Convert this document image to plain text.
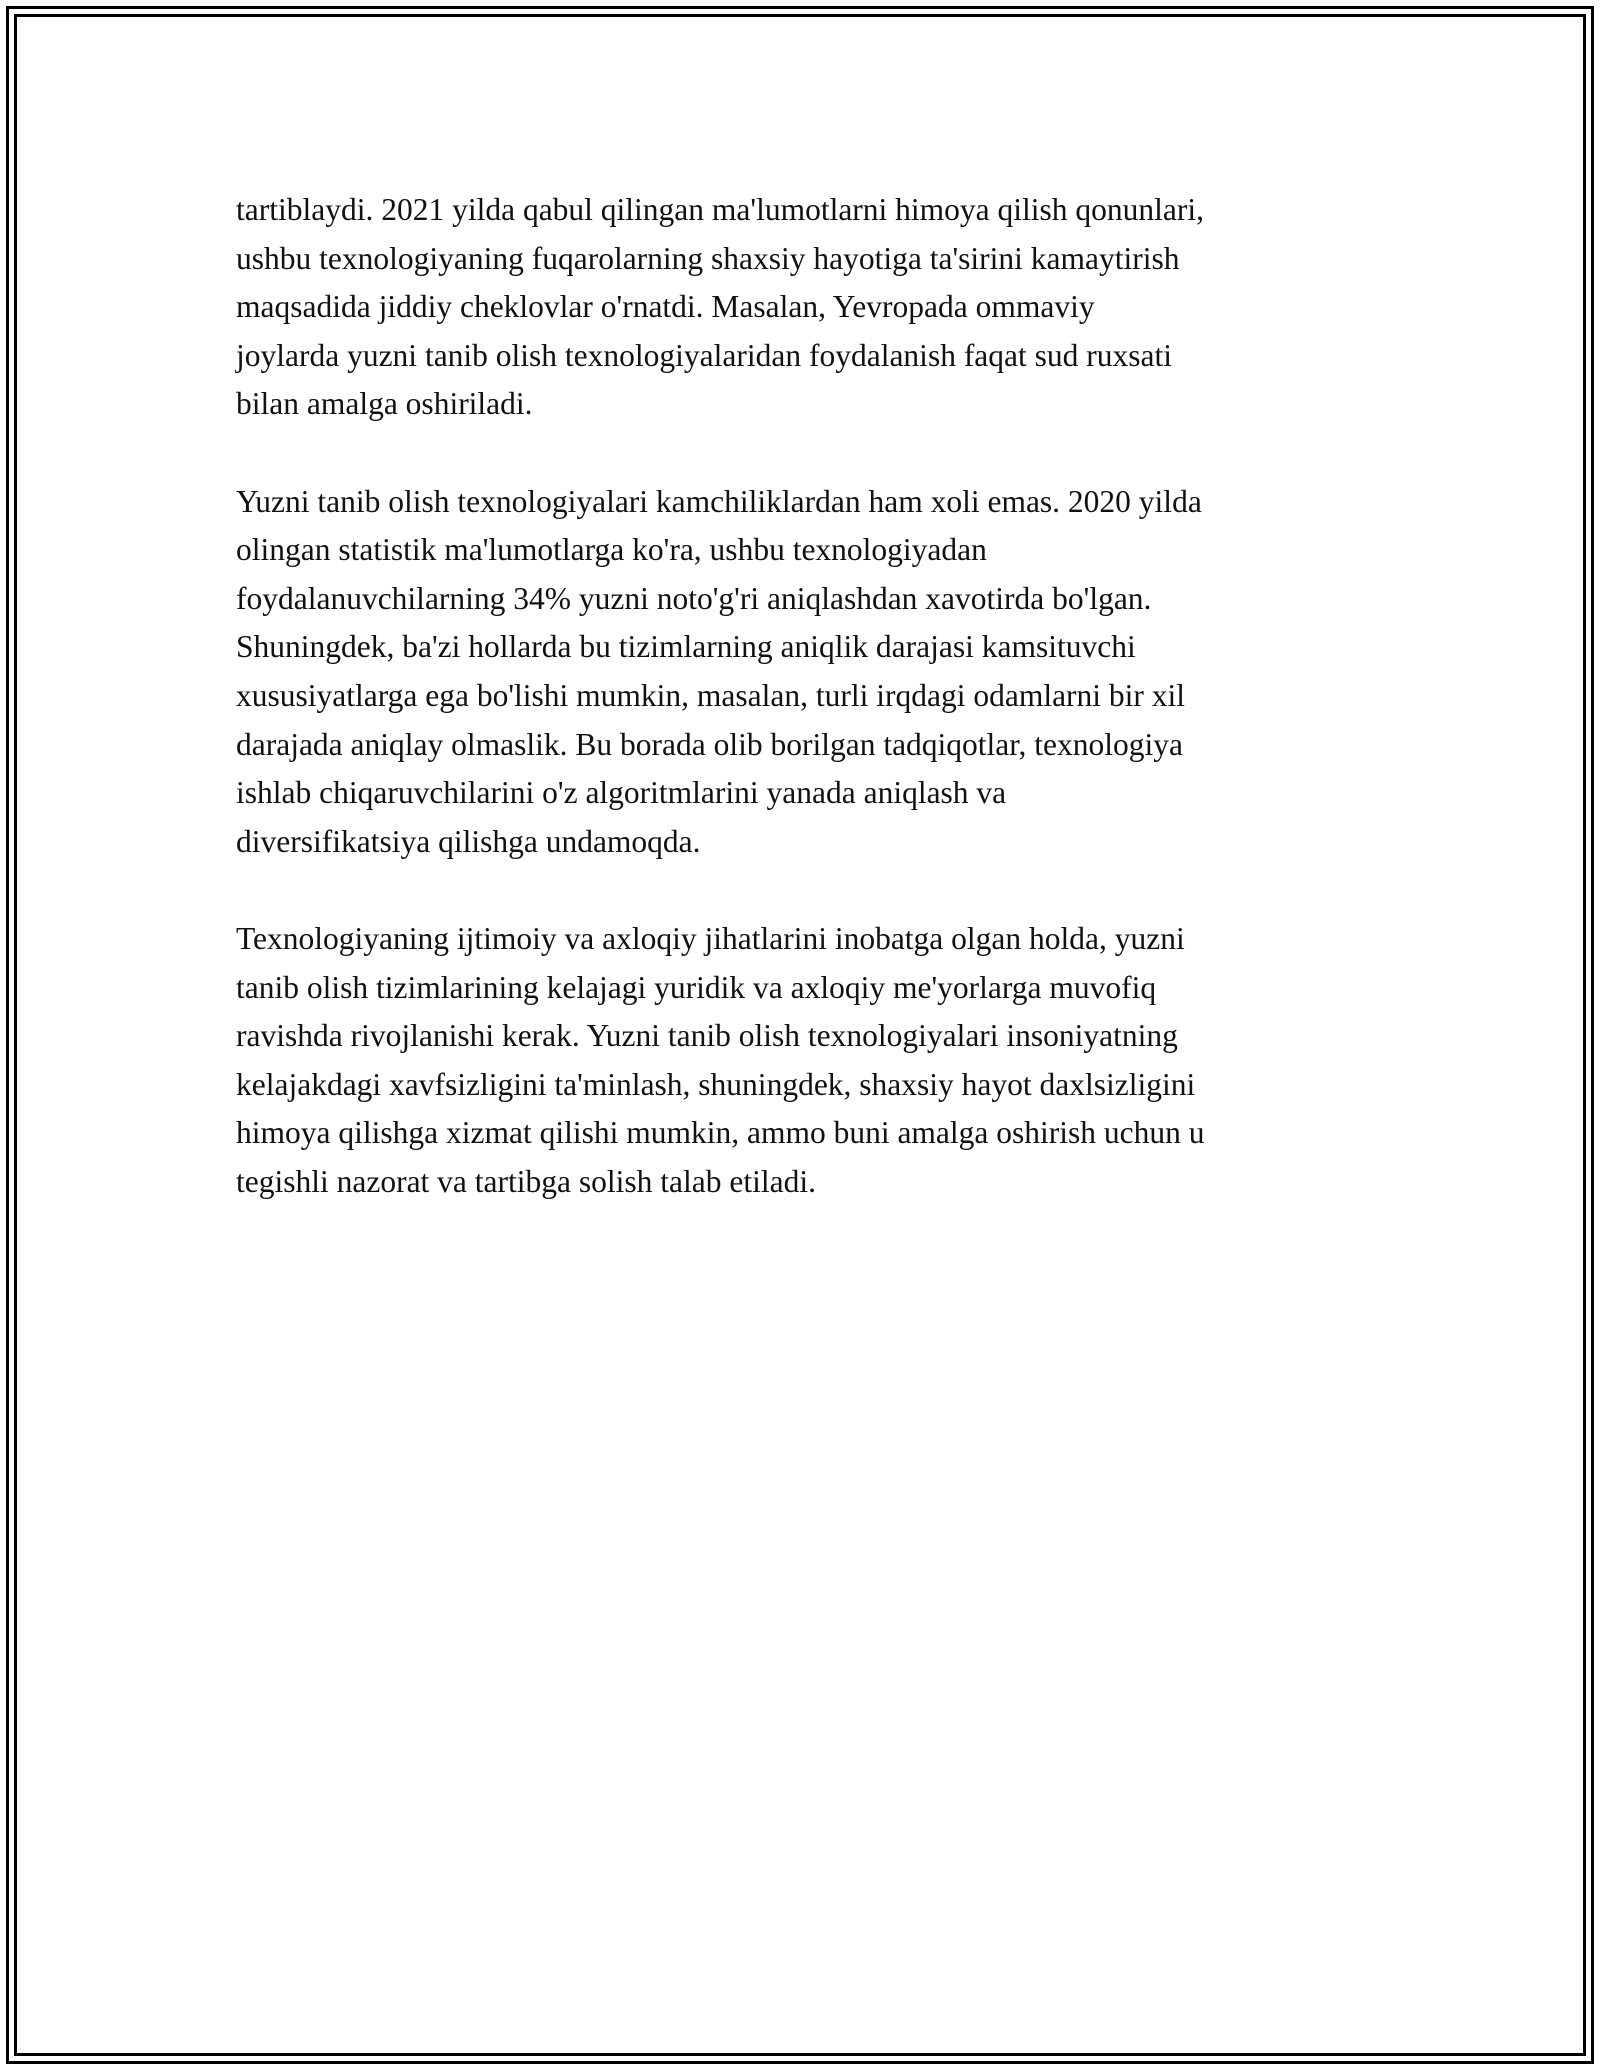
tartiblaydi. 2021 yilda qabul qilingan ma'lumotlarni himoya qilish qonunlari,
ushbu texnologiyaning fuqarolarning shaxsiy hayotiga ta'sirini kamaytirish
maqsadida jiddiy cheklovlar o'rnatdi. Masalan, Yevropada ommaviy
joylarda yuzni tanib olish texnologiyalaridan foydalanish faqat sud ruxsati
bilan amalga oshiriladi.

Yuzni tanib olish texnologiyalari kamchiliklardan ham xoli emas. 2020 yilda
olingan statistik ma'lumotlarga ko'ra, ushbu texnologiyadan
foydalanuvchilarning 34% yuzni noto'g'ri aniqlashdan xavotirda bo'lgan.
Shuningdek, ba'zi hollarda bu tizimlarning aniqlik darajasi kamsituvchi
xususiyatlarga ega bo'lishi mumkin, masalan, turli irqdagi odamlarni bir xil
darajada aniqlay olmaslik. Bu borada olib borilgan tadqiqotlar, texnologiya
ishlab chiqaruvchilarini o'z algoritmlarini yanada aniqlash va
diversifikatsiya qilishga undamoqda.

Texnologiyaning ijtimoiy va axloqiy jihatlarini inobatga olgan holda, yuzni
tanib olish tizimlarining kelajagi yuridik va axloqiy me'yorlarga muvofiq
ravishda rivojlanishi kerak. Yuzni tanib olish texnologiyalari insoniyatning
kelajakdagi xavfsizligini ta'minlash, shuningdek, shaxsiy hayot daxlsizligini
himoya qilishga xizmat qilishi mumkin, ammo buni amalga oshirish uchun u
tegishli nazorat va tartibga solish talab etiladi.
